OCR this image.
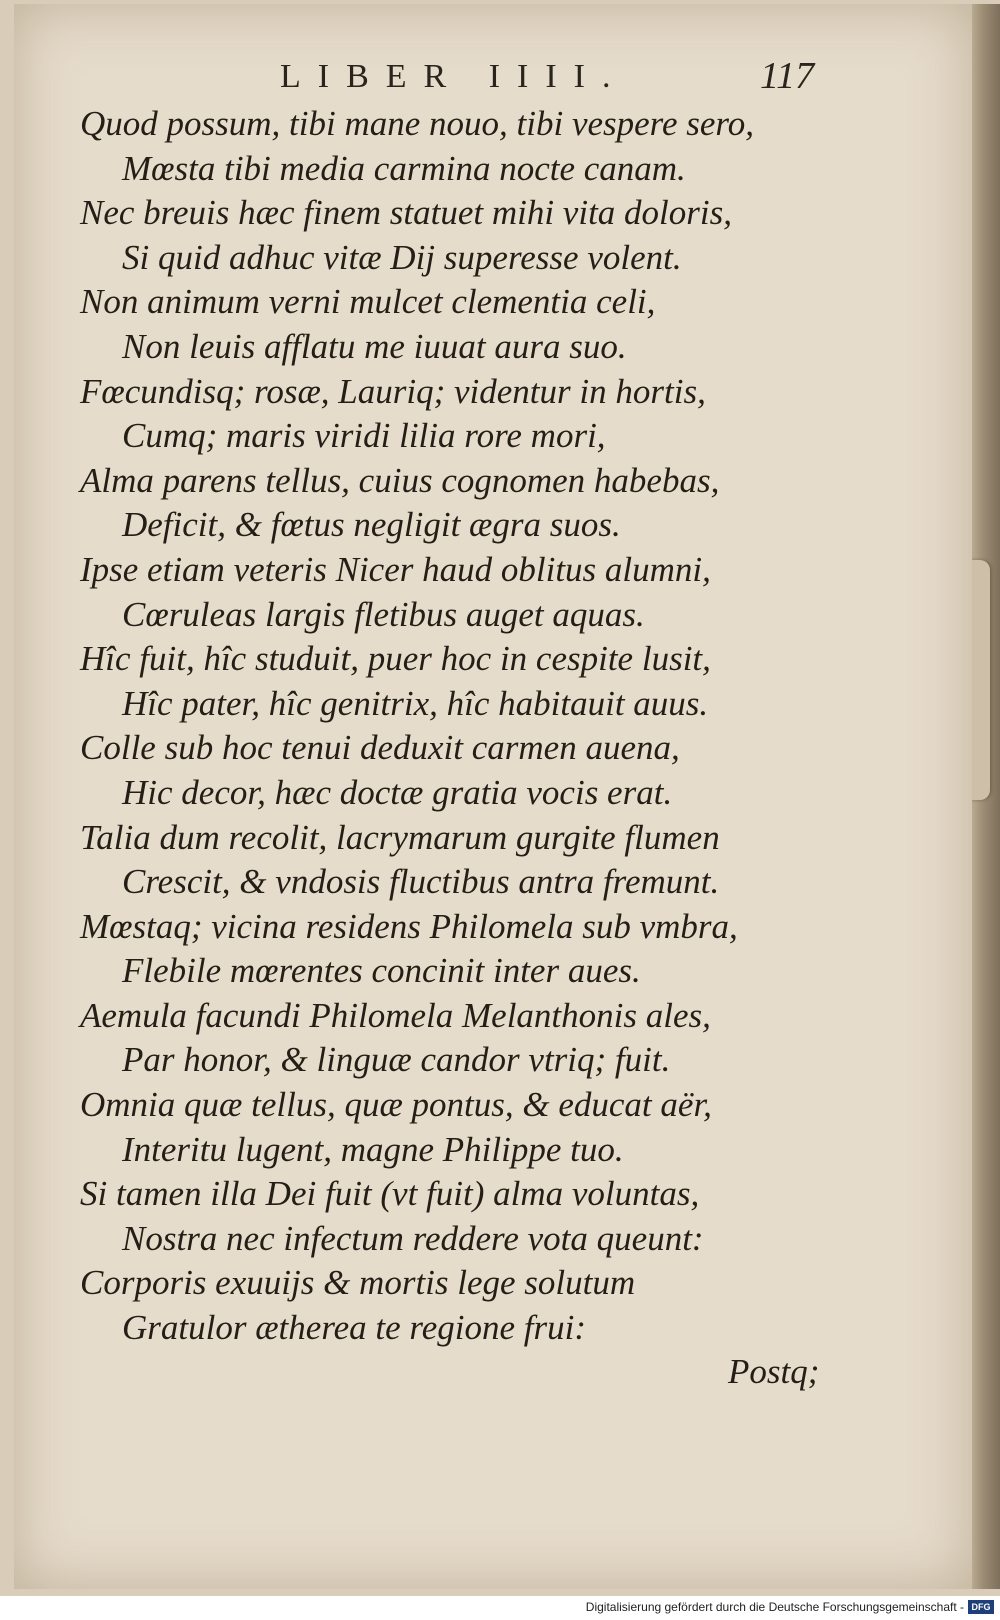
LIBER IIII.	117
Quod possum, tibi mane nouo, tibi vespere sero,
Mœsta tibi media carmina nocte canam.
Nec breuis hæc finem statuet mihi vita doloris,
Si quid adhuc vitæ Dij superesse volent.
Non animum verni mulcet clementia celi,
Non leuis afflatu me iuuat aura suo.
Fœcundisq; rosæ, Lauriq; videntur in hortis,
Cumq; maris viridi lilia rore mori,
Alma parens tellus, cuius cognomen habebas,
Deficit, & fœtus negligit ægra suos.
Ipse etiam veteris Nicer haud oblitus alumni,
Cœruleas largis fletibus auget aquas.
Hîc fuit, hîc studuit, puer hoc in cespite lusit,
Hîc pater, hîc genitrix, hîc habitauit auus.
Colle sub hoc tenui deduxit carmen auena,
Hic decor, hæc doctæ gratia vocis erat.
Talia dum recolit, lacrymarum gurgite flumen
Crescit, & vndosis fluctibus antra fremunt.
Mœstaq; vicina residens Philomela sub vmbra,
Flebile mœrentes concinit inter aues.
Aemula facundi Philomela Melanthonis ales,
Par honor, & linguæ candor vtriq; fuit.
Omnia quæ tellus, quæ pontus, & educat aër,
Interitu lugent, magne Philippe tuo.
Si tamen illa Dei fuit (vt fuit) alma voluntas,
Nostra nec infectum reddere vota queunt:
Corporis exuuijs & mortis lege solutum
Gratulor ætherea te regione frui:
Postq;
Digitalisierung gefördert durch die Deutsche Forschungsgemeinschaft - DFG
